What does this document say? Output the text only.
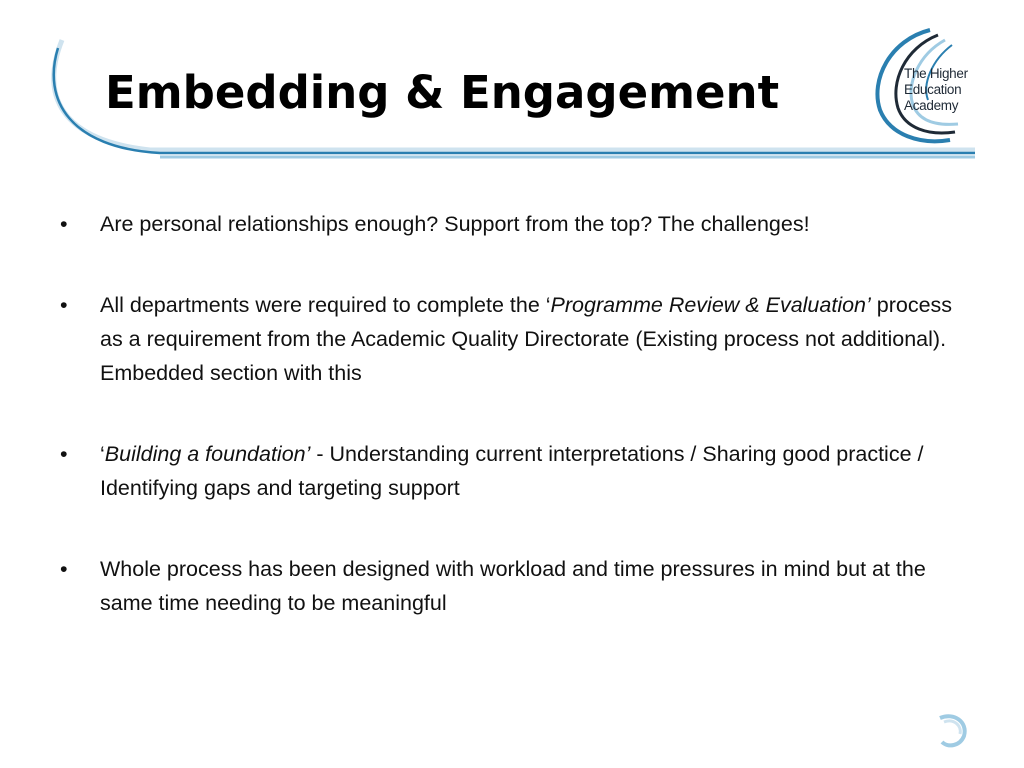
Embedding & Engagement	The Higher
Education
Academy
• Are personal relationships enough? Support from the top? The challenges!
• All departments were required to complete the ‘Programme Review & Evaluation’ process as a requirement from the Academic Quality Directorate (Existing process not additional). Embedded section with this
• ‘Building a foundation’ - Understanding current interpretations / Sharing good practice / Identifying gaps and targeting support
• Whole process has been designed with workload and time pressures in mind but at the same time needing to be meaningful
